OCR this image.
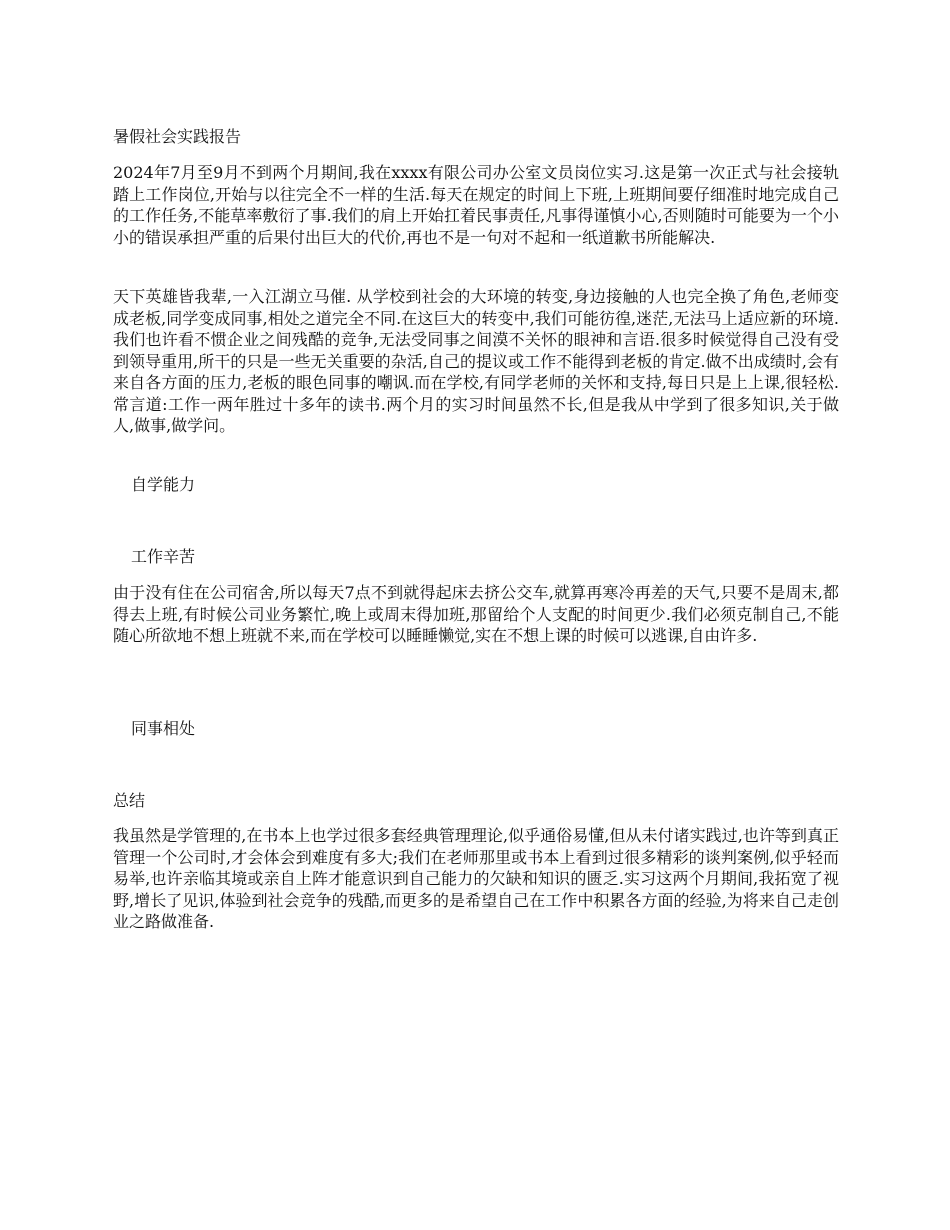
暑假社会实践报告

2024年7月至9月不到两个月期间,我在xxxx有限公司办公室文员岗位实习.这是第一次正式与社会接轨踏上工作岗位,开始与以往完全不一样的生活.每天在规定的时间上下班,上班期间要仔细准时地完成自己的工作任务,不能草率敷衍了事.我们的肩上开始扛着民事责任,凡事得谨慎小心,否则随时可能要为一个小小的错误承担严重的后果付出巨大的代价,再也不是一句对不起和一纸道歉书所能解决.

天下英雄皆我辈,一入江湖立马催. 从学校到社会的大环境的转变,身边接触的人也完全换了角色,老师变成老板,同学变成同事,相处之道完全不同.在这巨大的转变中,我们可能彷徨,迷茫,无法马上适应新的环境.我们也许看不惯企业之间残酷的竞争,无法受同事之间漠不关怀的眼神和言语.很多时候觉得自己没有受到领导重用,所干的只是一些无关重要的杂活,自己的提议或工作不能得到老板的肯定.做不出成绩时,会有来自各方面的压力,老板的眼色同事的嘲讽.而在学校,有同学老师的关怀和支持,每日只是上上课,很轻松.常言道:工作一两年胜过十多年的读书.两个月的实习时间虽然不长,但是我从中学到了很多知识,关于做人,做事,做学问。

自学能力

工作辛苦

由于没有住在公司宿舍,所以每天7点不到就得起床去挤公交车,就算再寒冷再差的天气,只要不是周末,都得去上班,有时候公司业务繁忙,晚上或周末得加班,那留给个人支配的时间更少.我们必须克制自己,不能随心所欲地不想上班就不来,而在学校可以睡睡懒觉,实在不想上课的时候可以逃课,自由许多.

同事相处

总结

我虽然是学管理的,在书本上也学过很多套经典管理理论,似乎通俗易懂,但从未付诸实践过,也许等到真正管理一个公司时,才会体会到难度有多大;我们在老师那里或书本上看到过很多精彩的谈判案例,似乎轻而易举,也许亲临其境或亲自上阵才能意识到自己能力的欠缺和知识的匮乏.实习这两个月期间,我拓宽了视野,增长了见识,体验到社会竞争的残酷,而更多的是希望自己在工作中积累各方面的经验,为将来自己走创业之路做准备.
